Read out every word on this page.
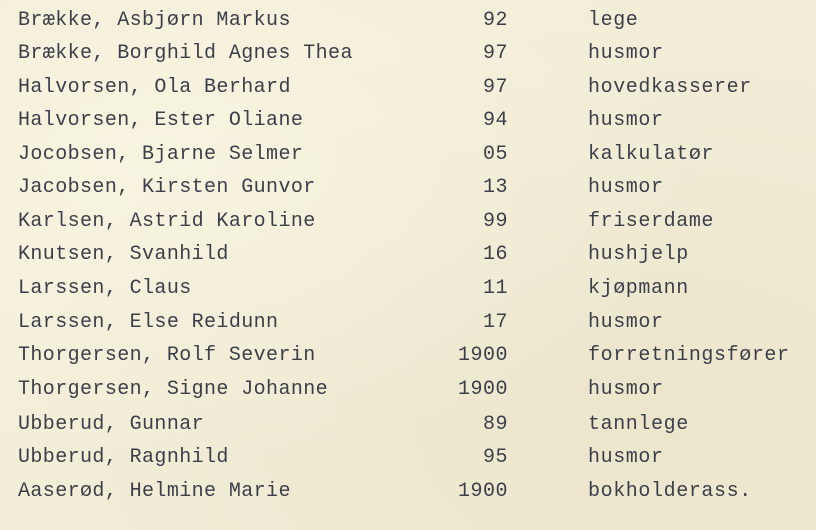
Brække, Asbjørn Markus	92	lege
Brække, Borghild Agnes Thea	97	husmor
Halvorsen, Ola Berhard	97	hovedkasserer
Halvorsen, Ester Oliane	94	husmor
Jocobsen, Bjarne Selmer	05	kalkulatør
Jacobsen, Kirsten Gunvor	13	husmor
Karlsen, Astrid Karoline	99	friserdame
Knutsen, Svanhild	16	hushjelp
Larssen, Claus	11	kjøpmann
Larssen, Else Reidunn	17	husmor
Thorgersen, Rolf Severin	1900	forretningsfører
Thorgersen, Signe Johanne	1900	husmor
Ubberud, Gunnar	89	tannlege
Ubberud, Ragnhild	95	husmor
Aaserød, Helmine Marie	1900	bokholderass.
